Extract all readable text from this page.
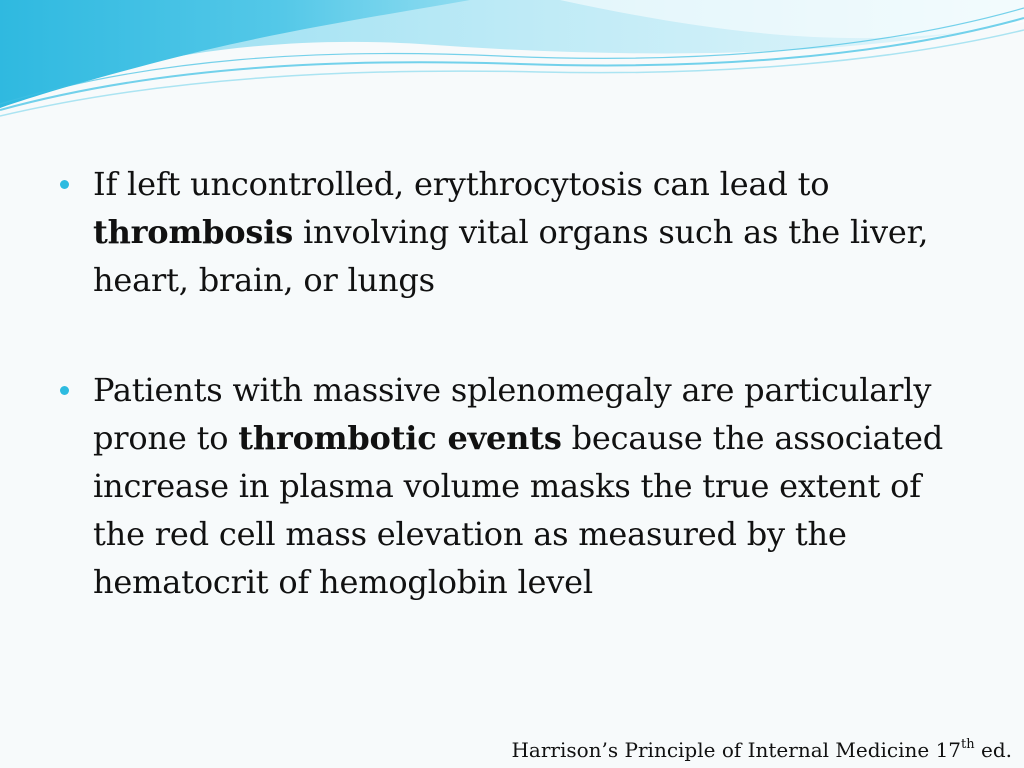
If left uncontrolled, erythrocytosis can lead to thrombosis involving vital organs such as the liver, heart, brain, or lungs
Patients with massive splenomegaly are particularly prone to thrombotic events because the associated increase in plasma volume masks the true extent of the red cell mass elevation as measured by the hematocrit of hemoglobin level
Harrison’s Principle of Internal Medicine 17th ed.
